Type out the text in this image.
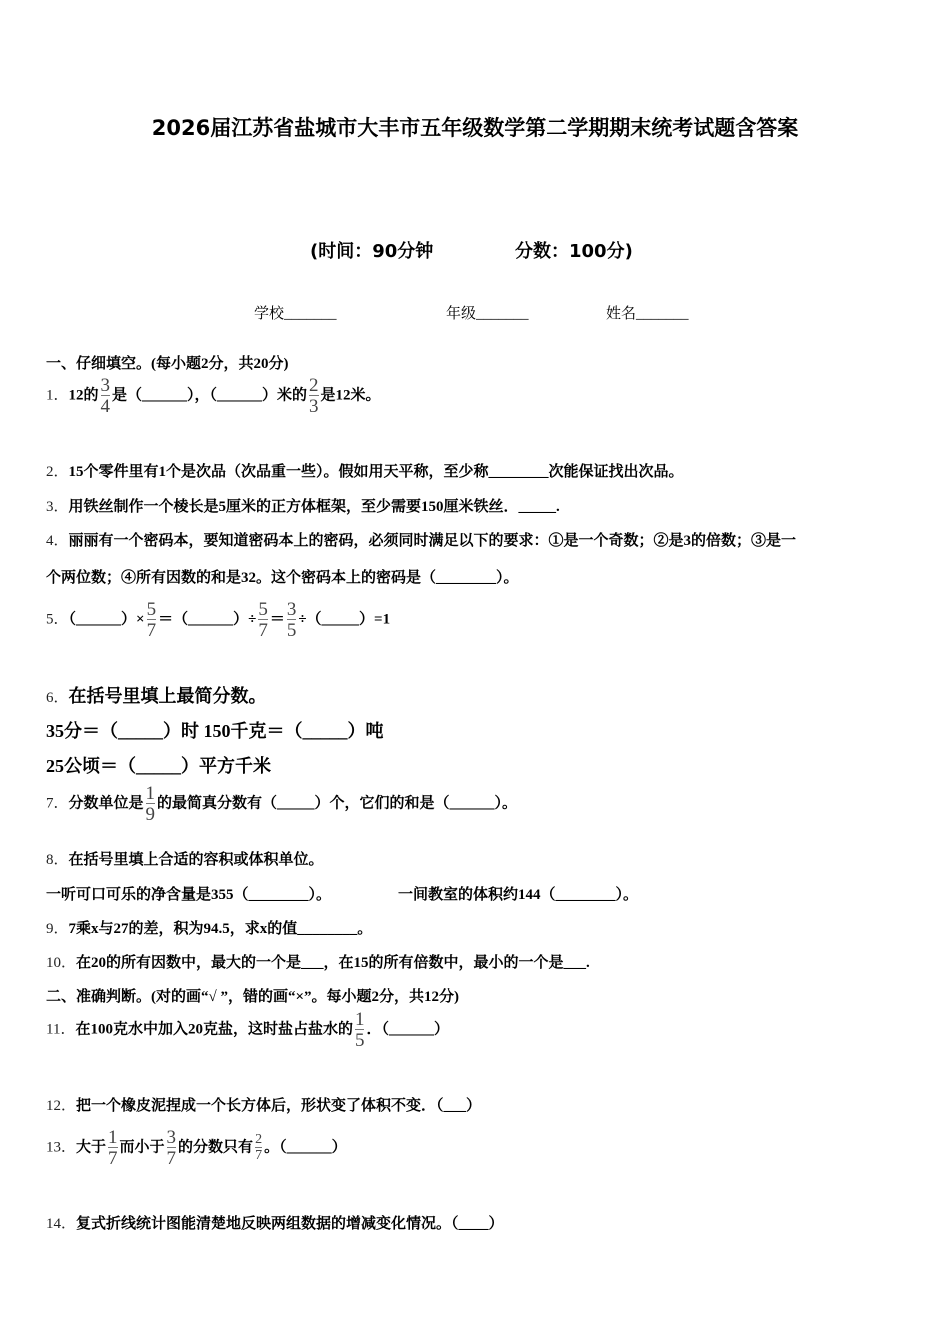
2026届江苏省盐城市大丰市五年级数学第二学期期末统考试题含答案
(时间：90分钟	分数：100分)
学校_______	年级_______	姓名_______
一、仔细填空。(每小题2分，共20分)
1．12的 $\frac{3}{4}$ 是（______），（______）米的 $\frac{2}{3}$ 是12米。
2．15个零件里有1个是次品（次品重一些）。假如用天平称，至少称________次能保证找出次品。
3．用铁丝制作一个棱长是5厘米的正方体框架，至少需要150厘米铁丝．_____.
4．丽丽有一个密码本，要知道密码本上的密码，必须同时满足以下的要求：①是一个奇数；②是3的倍数；③是一
个两位数；④所有因数的和是32。这个密码本上的密码是（________）。
5．（______）× $\frac{5}{7}$ ＝（______）÷ $\frac{5}{7} = \frac{3}{5}$ ÷（_____）=1
6．在括号里填上最简分数。
35分＝（_____）时 150千克＝（_____）吨
25公顷＝（_____）平方千米
7．分数单位是 $\frac{1}{9}$ 的最简真分数有（_____）个，它们的和是（______）。
8．在括号里填上合适的容积或体积单位。
一听可口可乐的净含量是355（________）。	一间教室的体积约144（________）。
9．7乘x与27的差，积为94.5，求x的值________。
10．在20的所有因数中，最大的一个是___，在15的所有倍数中，最小的一个是___.
二、准确判断。(对的画“√ ”，错的画“×”。每小题2分，共12分)
11．在100克水中加入20克盐，这时盐占盐水的 $\frac{1}{5}$ ．（______）
12．把一个橡皮泥捏成一个长方体后，形状变了体积不变．（___）
13．大于 $\frac{1}{7}$ 而小于 $\frac{3}{7}$ 的分数只有 $\frac{2}{7}$ 。（______）
14．复式折线统计图能清楚地反映两组数据的增减变化情况。（____）
